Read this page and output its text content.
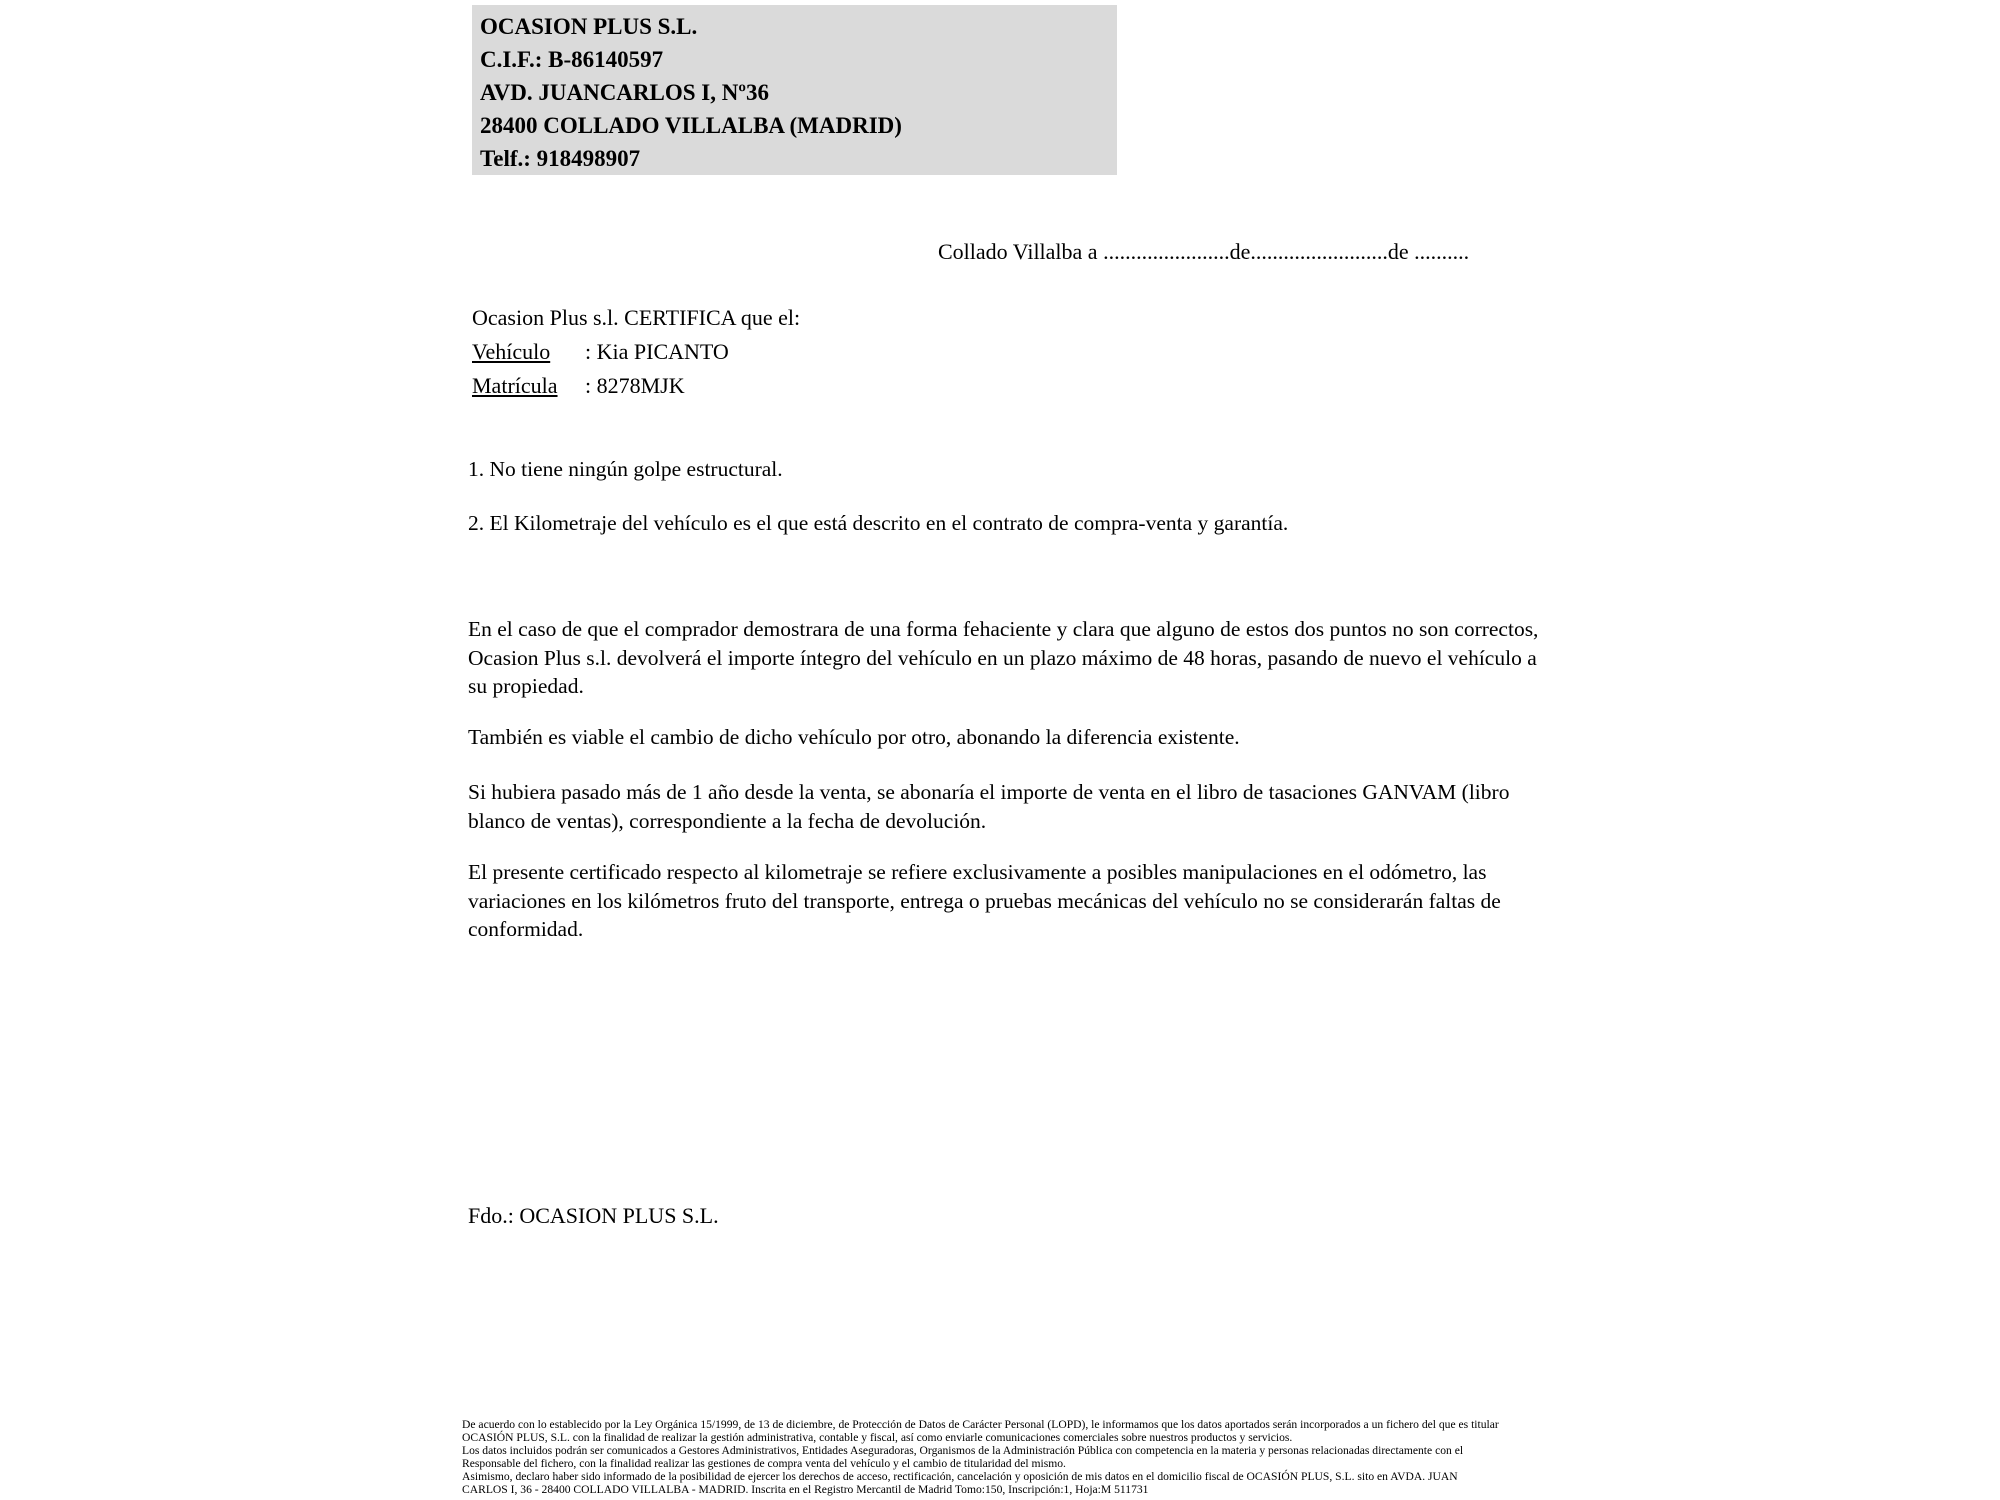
OCASION PLUS S.L.
C.I.F.: B-86140597
AVD. JUANCARLOS I, Nº36
28400 COLLADO VILLALBA (MADRID)
Telf.: 918498907
Collado Villalba a .......................de.........................de ..........
Ocasion Plus s.l. CERTIFICA que el:
Vehículo : Kia PICANTO
Matrícula : 8278MJK
1. No tiene ningún golpe estructural.
2. El Kilometraje del vehículo es el que está descrito en el contrato de compra-venta y garantía.
En el caso de que el comprador demostrara de una forma fehaciente y clara que alguno de estos dos puntos no son correctos, Ocasion Plus s.l. devolverá el importe íntegro del vehículo en un plazo máximo de 48 horas, pasando de nuevo el vehículo a su propiedad.
También es viable el cambio de dicho vehículo por otro, abonando la diferencia existente.
Si hubiera pasado más de 1 año desde la venta, se abonaría el importe de venta en el libro de tasaciones GANVAM (libro blanco de ventas), correspondiente a la fecha de devolución.
El presente certificado respecto al kilometraje se refiere exclusivamente a posibles manipulaciones en el odómetro, las variaciones en los kilómetros fruto del transporte, entrega o pruebas mecánicas del vehículo no se considerarán faltas de conformidad.
Fdo.: OCASION PLUS S.L.
De acuerdo con lo establecido por la Ley Orgánica 15/1999, de 13 de diciembre, de Protección de Datos de Carácter Personal (LOPD), le informamos que los datos aportados serán incorporados a un fichero del que es titular
OCASIÓN PLUS, S.L. con la finalidad de realizar la gestión administrativa, contable y fiscal, así como enviarle comunicaciones comerciales sobre nuestros productos y servicios.
Los datos incluidos podrán ser comunicados a Gestores Administrativos, Entidades Aseguradoras, Organismos de la Administración Pública con competencia en la materia y personas relacionadas directamente con el
Responsable del fichero, con la finalidad realizar las gestiones de compra venta del vehículo y el cambio de titularidad del mismo.
Asimismo, declaro haber sido informado de la posibilidad de ejercer los derechos de acceso, rectificación, cancelación y oposición de mis datos en el domicilio fiscal de OCASIÓN PLUS, S.L. sito en AVDA. JUAN
CARLOS I, 36 - 28400 COLLADO VILLALBA - MADRID. Inscrita en el Registro Mercantil de Madrid Tomo:150, Inscripción:1, Hoja:M 511731
